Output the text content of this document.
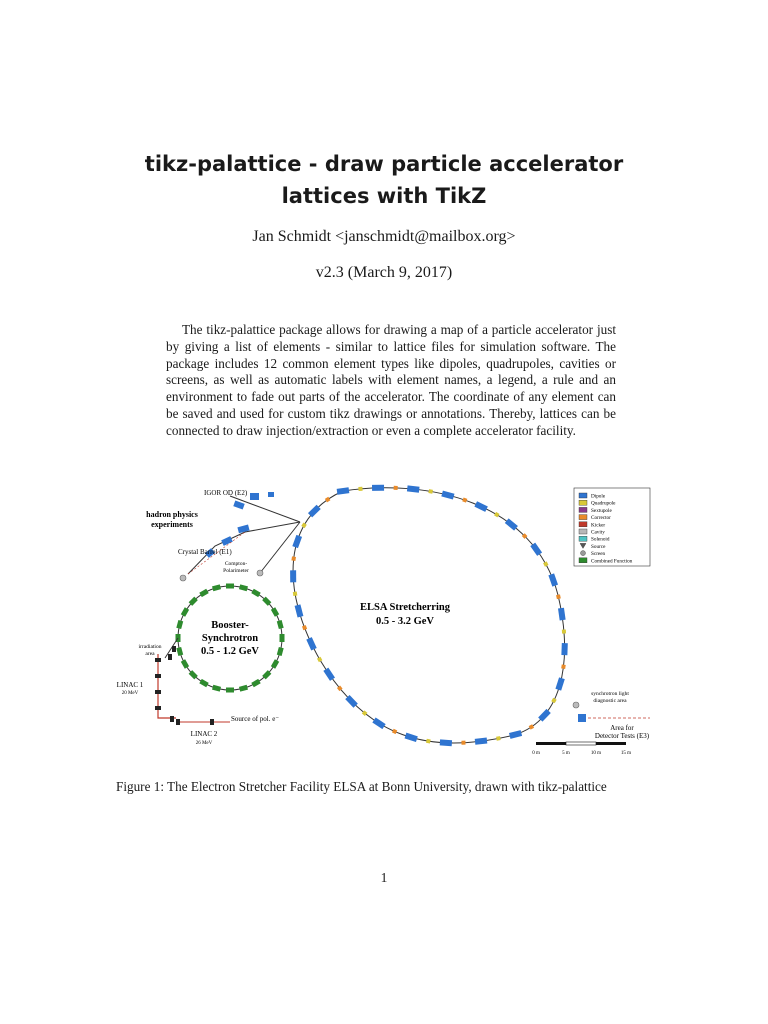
tikz-palattice - draw particle accelerator
lattices with TikZ
Jan Schmidt <janschmidt@mailbox.org>
v2.3 (March 9, 2017)
The tikz-palattice package allows for drawing a map of a particle accelerator just by giving a list of elements - similar to lattice files for simulation software. The package includes 12 common element types like dipoles, quadrupoles, cavities or screens, as well as automatic labels with element names, a legend, a rule and an environment to fade out parts of the accelerator. The coordinate of any element can be saved and used for custom tikz drawings or annotations. Thereby, lattices can be connected to draw injection/extraction or even a complete accelerator facility.
IGOR OD (E2)
hadron physics
experiments
Crystal Barrel (E1)
Compton-
Polarimeter
ELSA Stretcherring
0.5 - 3.2 GeV
Booster-
Synchrotron
0.5 - 1.2 GeV
irradiation
area
LINAC 1
20 MeV
Source of pol. e⁻
LINAC 2
26 MeV
synchrotron light
diagnostic area
Area for
Detector Tests (E3)
Dipole
Quadrupole
Sextupole
Corrector
Kicker
Cavity
Solenoid
Source
Screen
Combined Function
0 m	5 m	10 m	15 m
Figure 1: The Electron Stretcher Facility ELSA at Bonn University, drawn with tikz-palattice
1
